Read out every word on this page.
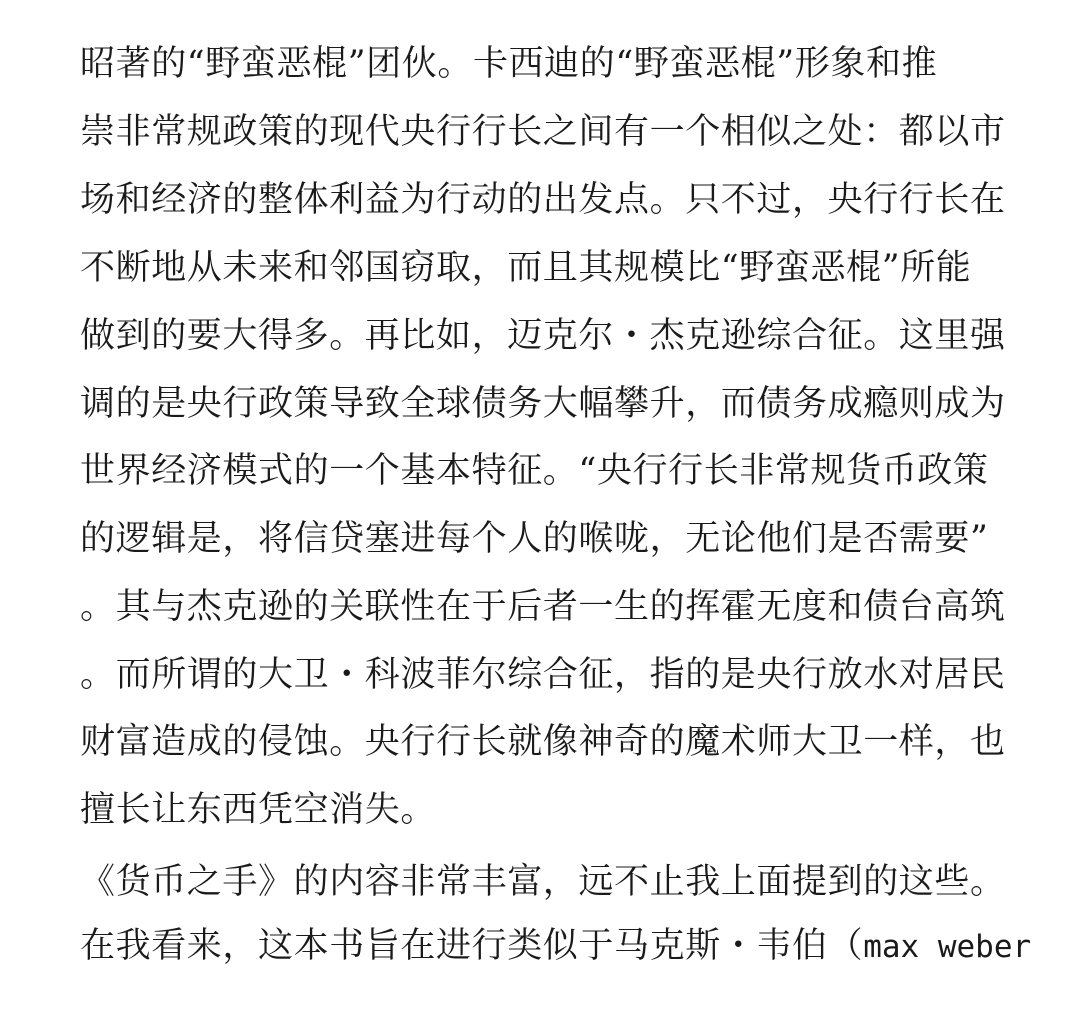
昭著的“野蛮恶棍”团伙。卡西迪的“野蛮恶棍”形象和推
崇非常规政策的现代央行行长之间有一个相似之处：都以市
场和经济的整体利益为行动的出发点。只不过，央行行长在
不断地从未来和邻国窃取，而且其规模比“野蛮恶棍”所能
做到的要大得多。再比如，迈克尔・杰克逊综合征。这里强
调的是央行政策导致全球债务大幅攀升，而债务成瘾则成为
世界经济模式的一个基本特征。“央行行长非常规货币政策
的逻辑是，将信贷塞进每个人的喉咙，无论他们是否需要”
。其与杰克逊的关联性在于后者一生的挥霍无度和债台高筑
。而所谓的大卫・科波菲尔综合征，指的是央行放水对居民
财富造成的侵蚀。央行行长就像神奇的魔术师大卫一样，也
擅长让东西凭空消失。
《货币之手》的内容非常丰富，远不止我上面提到的这些。
在我看来，这本书旨在进行类似于马克斯・韦伯（max weber
